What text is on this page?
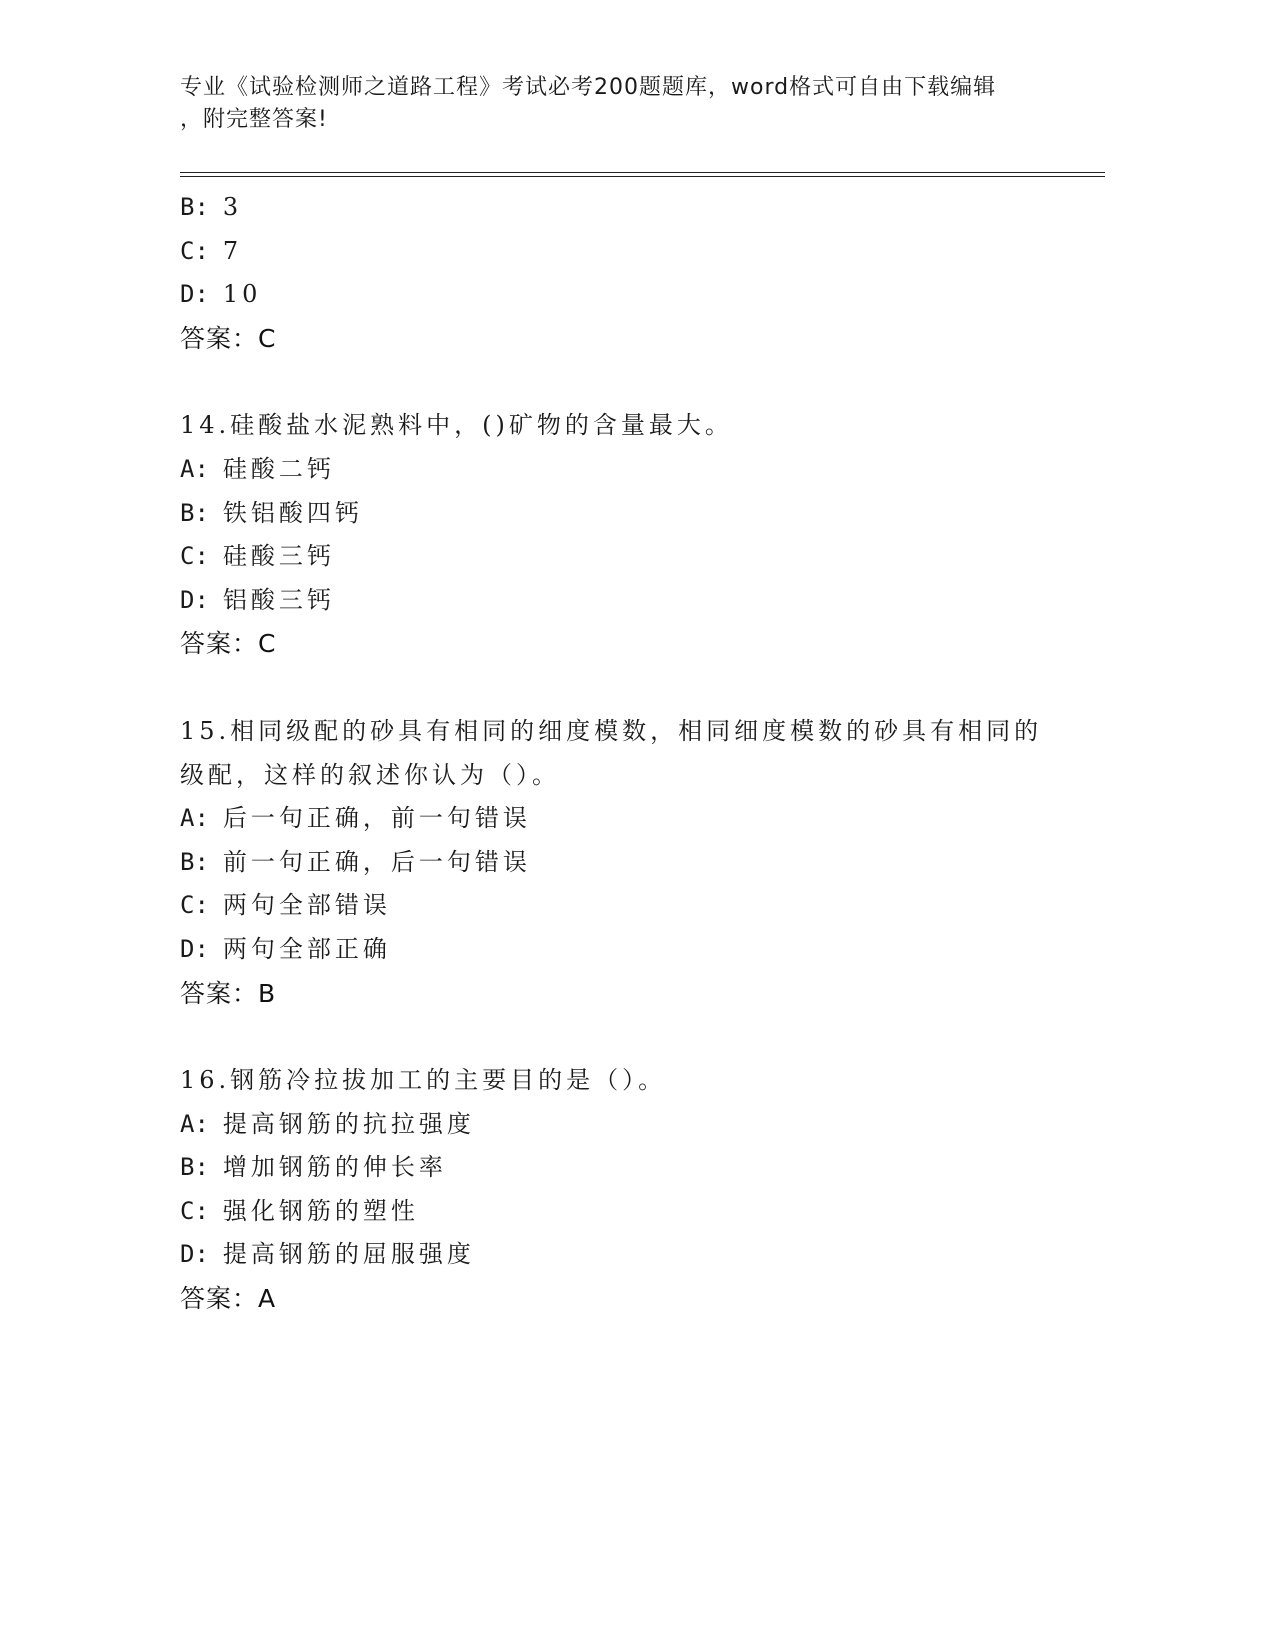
专业《试验检测师之道路工程》考试必考200题题库，word格式可自由下载编辑
，附完整答案!
B: 3
C: 7
D: 10
答案：C
14.硅酸盐水泥熟料中，()矿物的含量最大。
A: 硅酸二钙
B: 铁铝酸四钙
C: 硅酸三钙
D: 铝酸三钙
答案：C
15.相同级配的砂具有相同的细度模数，相同细度模数的砂具有相同的
级配，这样的叙述你认为（）。
A: 后一句正确，前一句错误
B: 前一句正确，后一句错误
C: 两句全部错误
D: 两句全部正确
答案：B
16.钢筋冷拉拔加工的主要目的是（）。
A: 提高钢筋的抗拉强度
B: 增加钢筋的伸长率
C: 强化钢筋的塑性
D: 提高钢筋的屈服强度
答案：A
